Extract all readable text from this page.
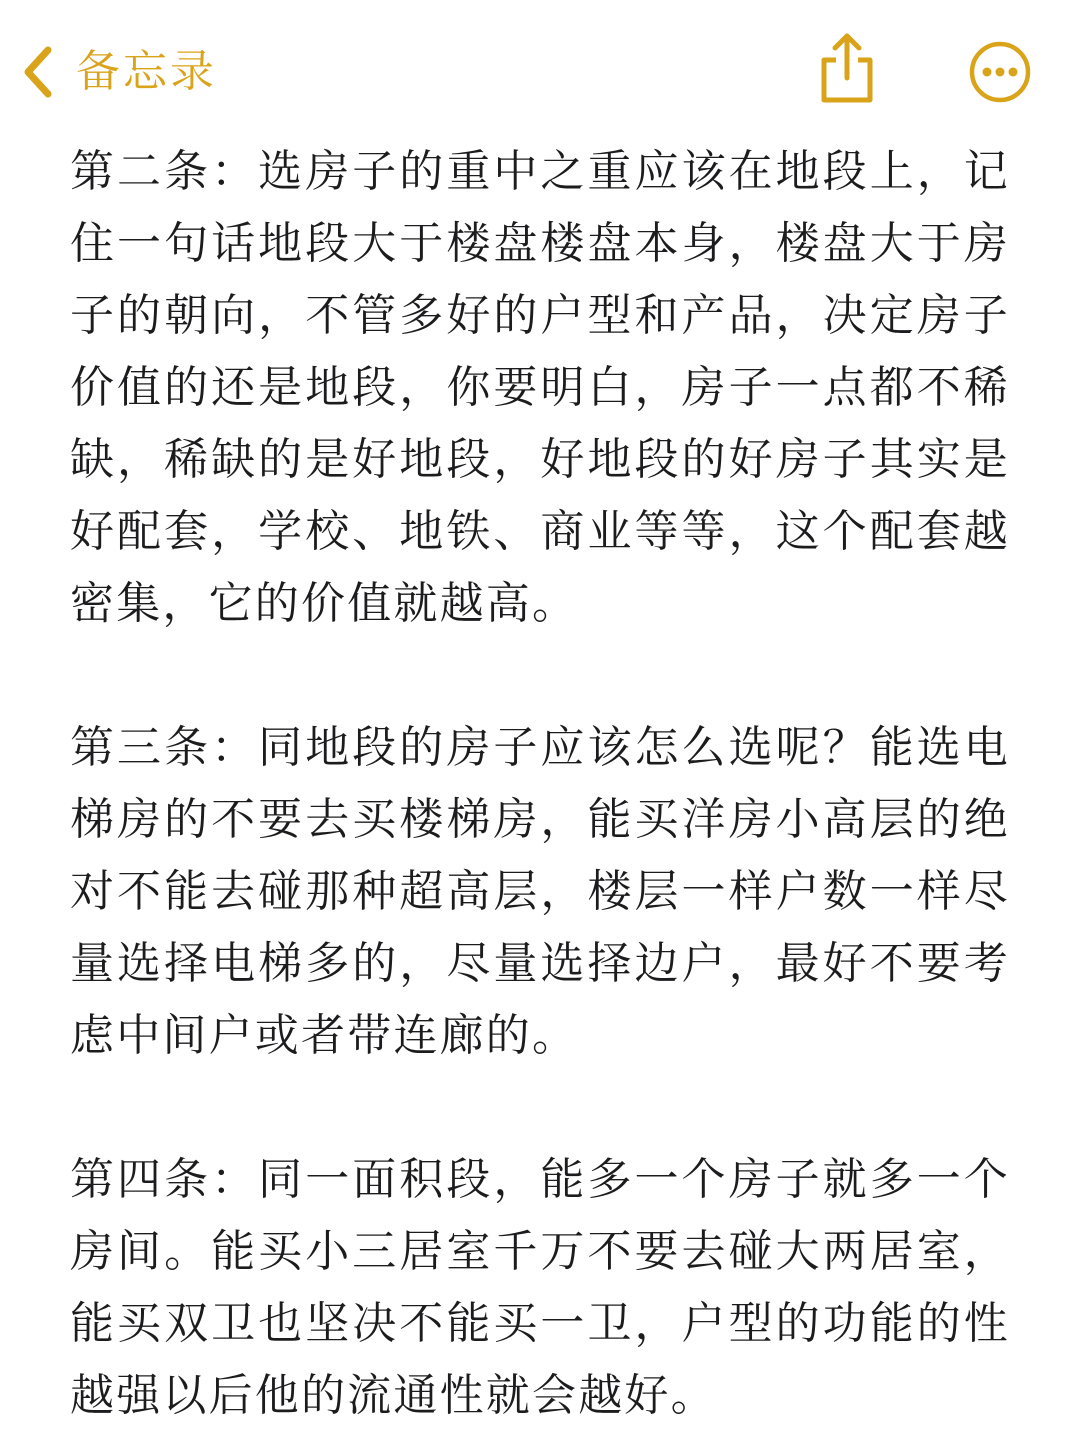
备忘录

第二条：选房子的重中之重应该在地段上，记住一句话地段大于楼盘楼盘本身，楼盘大于房子的朝向，不管多好的户型和产品，决定房子价值的还是地段，你要明白，房子一点都不稀缺，稀缺的是好地段，好地段的好房子其实是好配套，学校、地铁、商业等等，这个配套越密集，它的价值就越高。

第三条：同地段的房子应该怎么选呢？能选电梯房的不要去买楼梯房，能买洋房小高层的绝对不能去碰那种超高层，楼层一样户数一样尽量选择电梯多的，尽量选择边户，最好不要考虑中间户或者带连廊的。

第四条：同一面积段，能多一个房子就多一个房间。能买小三居室千万不要去碰大两居室，能买双卫也坚决不能买一卫，户型的功能的性越强以后他的流通性就会越好。
